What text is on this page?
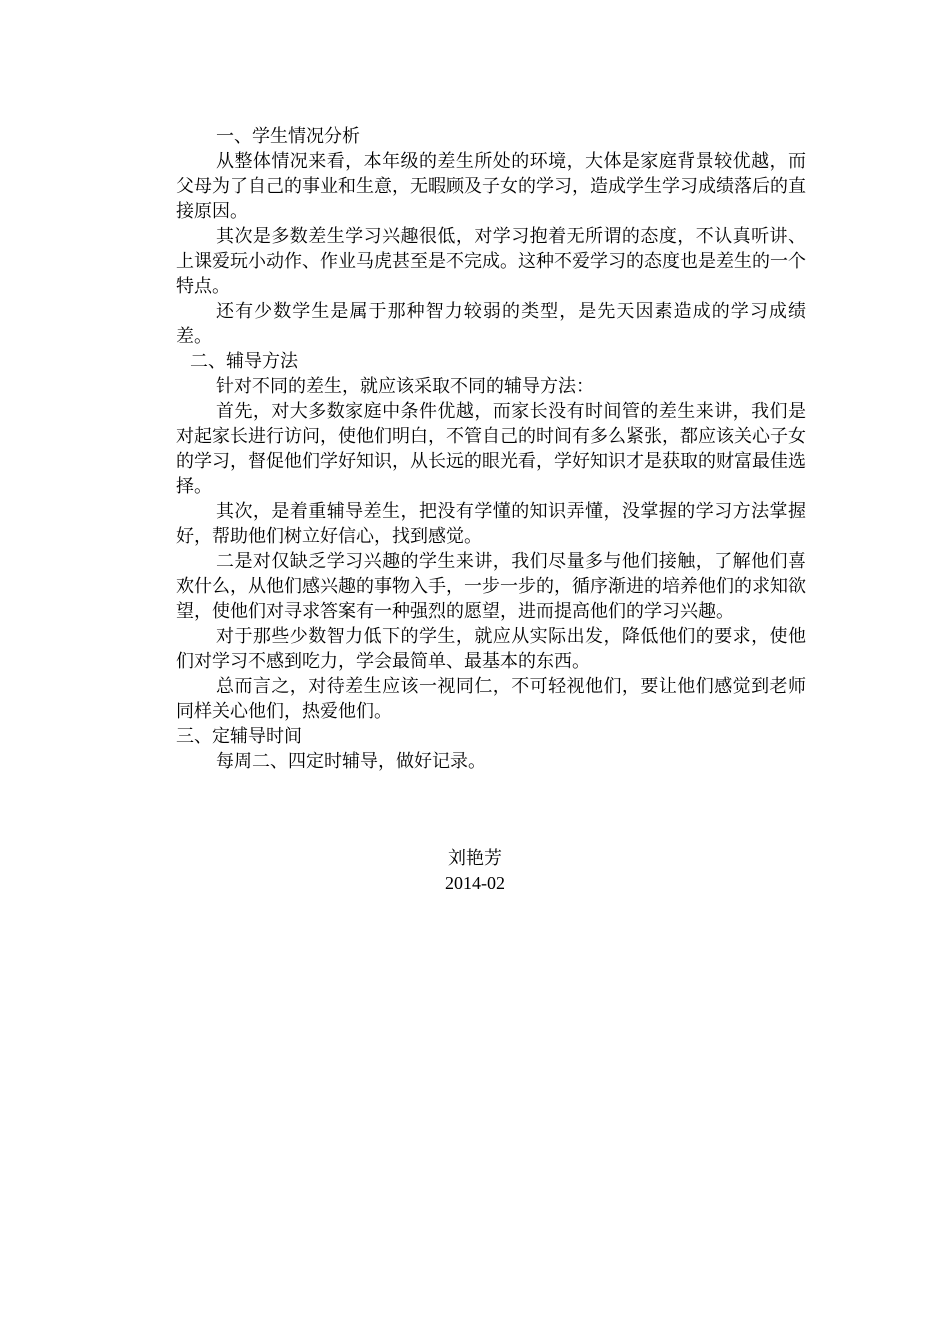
一、学生情况分析

从整体情况来看，本年级的差生所处的环境，大体是家庭背景较优越，而父母为了自己的事业和生意，无暇顾及子女的学习，造成学生学习成绩落后的直接原因。

其次是多数差生学习兴趣很低，对学习抱着无所谓的态度，不认真听讲、上课爱玩小动作、作业马虎甚至是不完成。这种不爱学习的态度也是差生的一个特点。

还有少数学生是属于那种智力较弱的类型，是先天因素造成的学习成绩差。

二、辅导方法

针对不同的差生，就应该采取不同的辅导方法：

首先，对大多数家庭中条件优越，而家长没有时间管的差生来讲，我们是对起家长进行访问，使他们明白，不管自己的时间有多么紧张，都应该关心子女的学习，督促他们学好知识，从长远的眼光看，学好知识才是获取的财富最佳选择。

其次，是着重辅导差生，把没有学懂的知识弄懂，没掌握的学习方法掌握好，帮助他们树立好信心，找到感觉。

二是对仅缺乏学习兴趣的学生来讲，我们尽量多与他们接触，了解他们喜欢什么，从他们感兴趣的事物入手，一步一步的，循序渐进的培养他们的求知欲望，使他们对寻求答案有一种强烈的愿望，进而提高他们的学习兴趣。

对于那些少数智力低下的学生，就应从实际出发，降低他们的要求，使他们对学习不感到吃力，学会最简单、最基本的东西。

总而言之，对待差生应该一视同仁，不可轻视他们，要让他们感觉到老师同样关心他们，热爱他们。

三、定辅导时间

每周二、四定时辅导，做好记录。

刘艳芳

2014-02
